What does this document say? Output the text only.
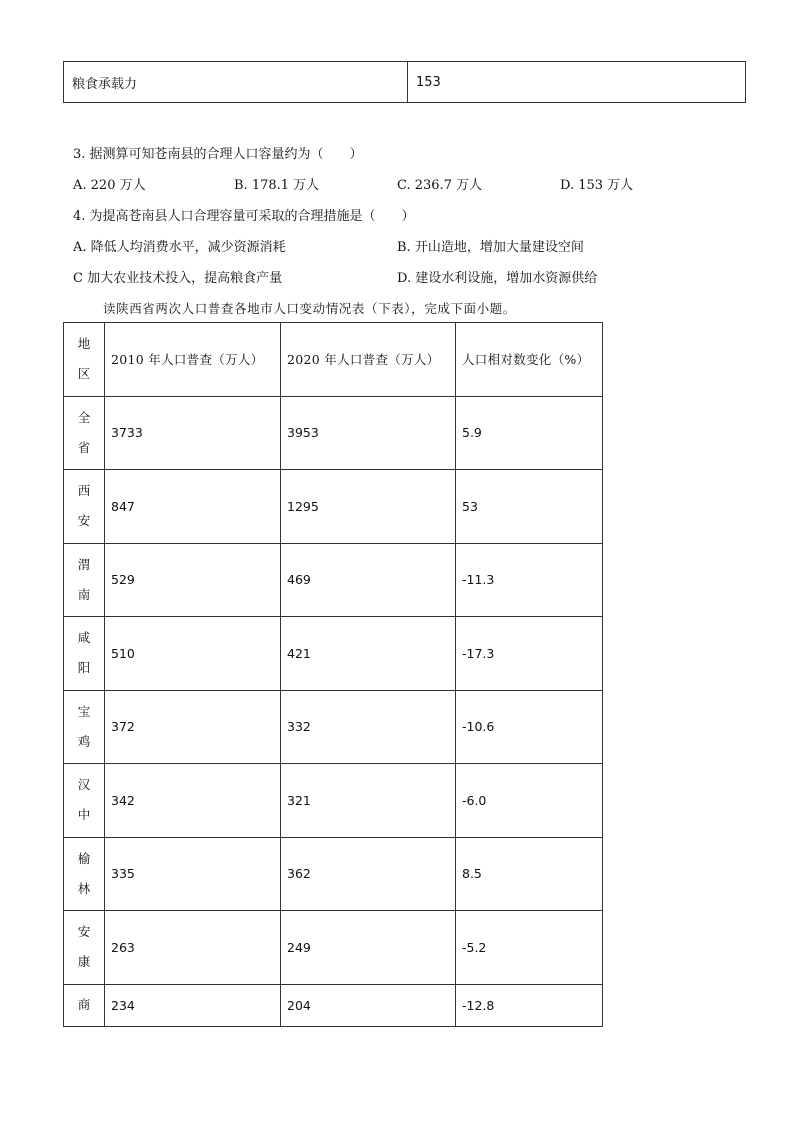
粮食承载力	153
3. 据测算可知苍南县的合理人口容量约为（　　）
A. 220 万人	B. 178.1 万人	C. 236.7 万人	D. 153 万人
4. 为提高苍南县人口合理容量可采取的合理措施是（　　）
A. 降低人均消费水平，减少资源消耗	B. 开山造地，增加大量建设空间
C 加大农业技术投入，提高粮食产量	D. 建设水利设施，增加水资源供给
读陕西省两次人口普查各地市人口变动情况表（下表），完成下面小题。
地区	2010 年人口普查（万人）	2020 年人口普查（万人）	人口相对数变化（%）
全省	3733	3953	5.9
西安	847	1295	53
渭南	529	469	-11.3
咸阳	510	421	-17.3
宝鸡	372	332	-10.6
汉中	342	321	-6.0
榆林	335	362	8.5
安康	263	249	-5.2
商	234	204	-12.8
